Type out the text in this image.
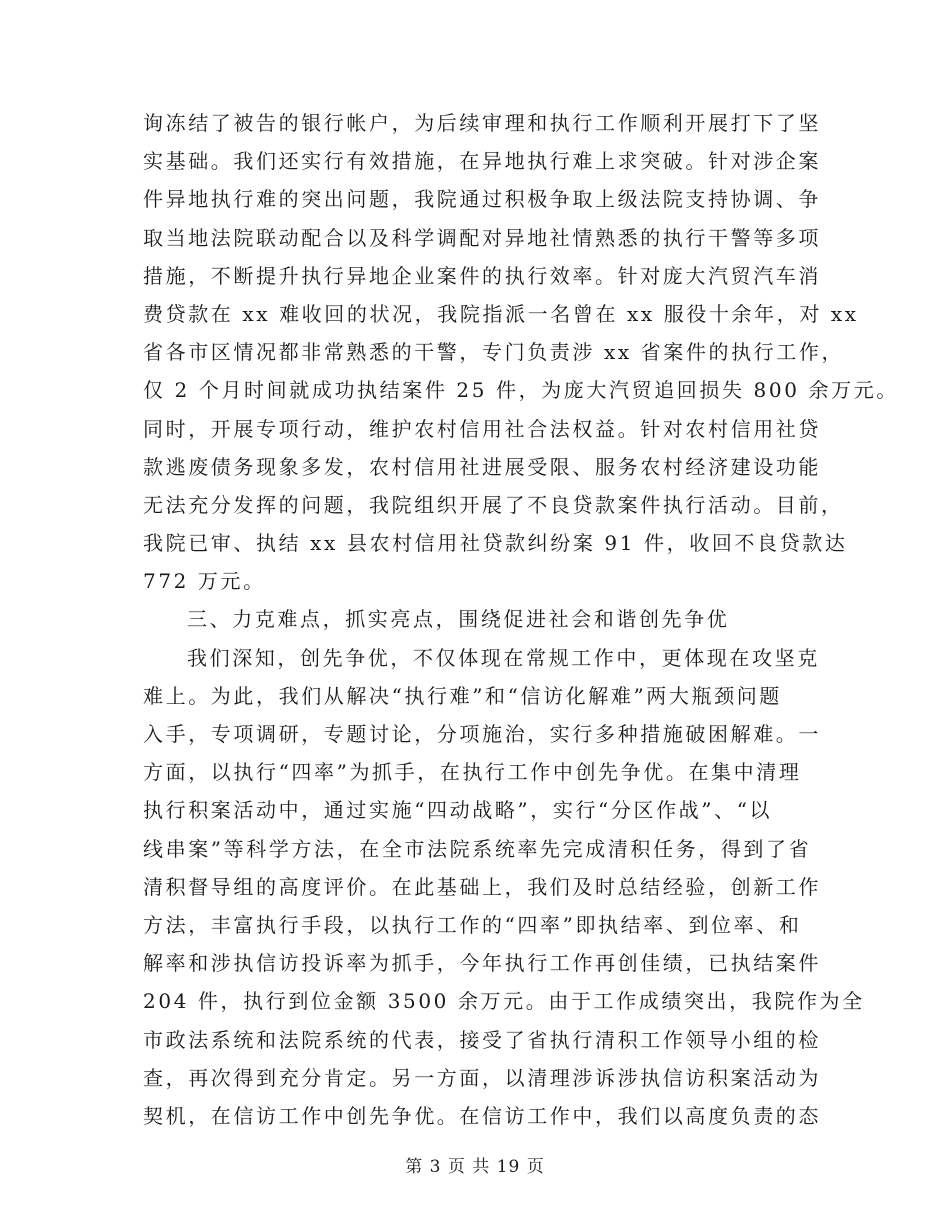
询冻结了被告的银行帐户，为后续审理和执行工作顺利开展打下了坚
实基础。我们还实行有效措施，在异地执行难上求突破。针对涉企案
件异地执行难的突出问题，我院通过积极争取上级法院支持协调、争
取当地法院联动配合以及科学调配对异地社情熟悉的执行干警等多项
措施，不断提升执行异地企业案件的执行效率。针对庞大汽贸汽车消
费贷款在 xx 难收回的状况，我院指派一名曾在 xx 服役十余年，对 xx
省各市区情况都非常熟悉的干警，专门负责涉 xx 省案件的执行工作，
仅 2 个月时间就成功执结案件 25 件，为庞大汽贸追回损失 800 余万元。
同时，开展专项行动，维护农村信用社合法权益。针对农村信用社贷
款逃废债务现象多发，农村信用社进展受限、服务农村经济建设功能
无法充分发挥的问题，我院组织开展了不良贷款案件执行活动。目前，
我院已审、执结 xx 县农村信用社贷款纠纷案 91 件，收回不良贷款达
772 万元。
三、力克难点，抓实亮点，围绕促进社会和谐创先争优
我们深知，创先争优，不仅体现在常规工作中，更体现在攻坚克
难上。为此，我们从解决“执行难”和“信访化解难”两大瓶颈问题
入手，专项调研，专题讨论，分项施治，实行多种措施破困解难。一
方面，以执行“四率”为抓手，在执行工作中创先争优。在集中清理
执行积案活动中，通过实施“四动战略”，实行“分区作战”、“以
线串案”等科学方法，在全市法院系统率先完成清积任务，得到了省
清积督导组的高度评价。在此基础上，我们及时总结经验，创新工作
方法，丰富执行手段，以执行工作的“四率”即执结率、到位率、和
解率和涉执信访投诉率为抓手，今年执行工作再创佳绩，已执结案件
204 件，执行到位金额 3500 余万元。由于工作成绩突出，我院作为全
市政法系统和法院系统的代表，接受了省执行清积工作领导小组的检
查，再次得到充分肯定。另一方面，以清理涉诉涉执信访积案活动为
契机，在信访工作中创先争优。在信访工作中，我们以高度负责的态
第 3 页 共 19 页
